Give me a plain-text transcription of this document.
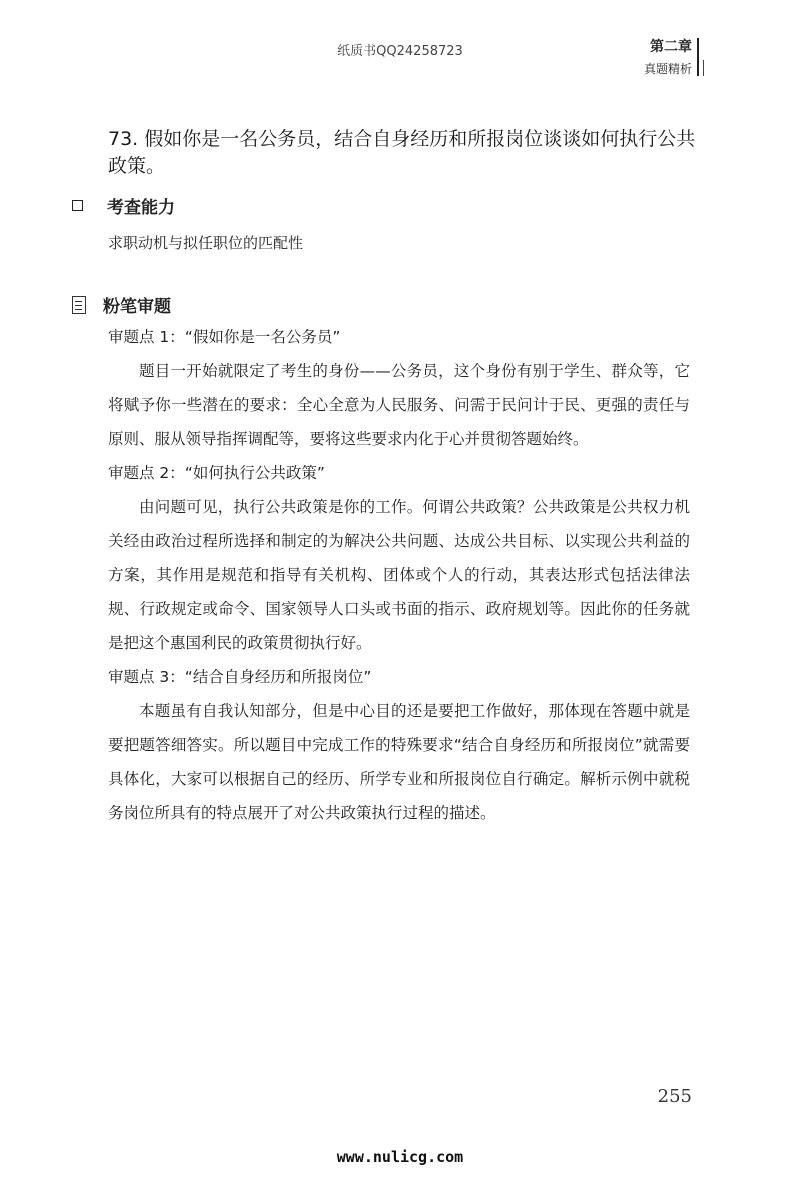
纸质书QQ24258723	第二章
真题精析
73. 假如你是一名公务员，结合自身经历和所报岗位谈谈如何执行公共政策。
考查能力
求职动机与拟任职位的匹配性
粉笔审题

审题点 1：“假如你是一名公务员”

题目一开始就限定了考生的身份——公务员，这个身份有别于学生、群众等，它将赋予你一些潜在的要求：全心全意为人民服务、问需于民问计于民、更强的责任与原则、服从领导指挥调配等，要将这些要求内化于心并贯彻答题始终。

审题点 2：“如何执行公共政策”

由问题可见，执行公共政策是你的工作。何谓公共政策？公共政策是公共权力机关经由政治过程所选择和制定的为解决公共问题、达成公共目标、以实现公共利益的方案，其作用是规范和指导有关机构、团体或个人的行动，其表达形式包括法律法规、行政规定或命令、国家领导人口头或书面的指示、政府规划等。因此你的任务就是把这个惠国利民的政策贯彻执行好。

审题点 3：“结合自身经历和所报岗位”

本题虽有自我认知部分，但是中心目的还是要把工作做好，那体现在答题中就是要把题答细答实。所以题目中完成工作的特殊要求“结合自身经历和所报岗位”就需要具体化，大家可以根据自己的经历、所学专业和所报岗位自行确定。解析示例中就税务岗位所具有的特点展开了对公共政策执行过程的描述。

255
www.nulicg.com
